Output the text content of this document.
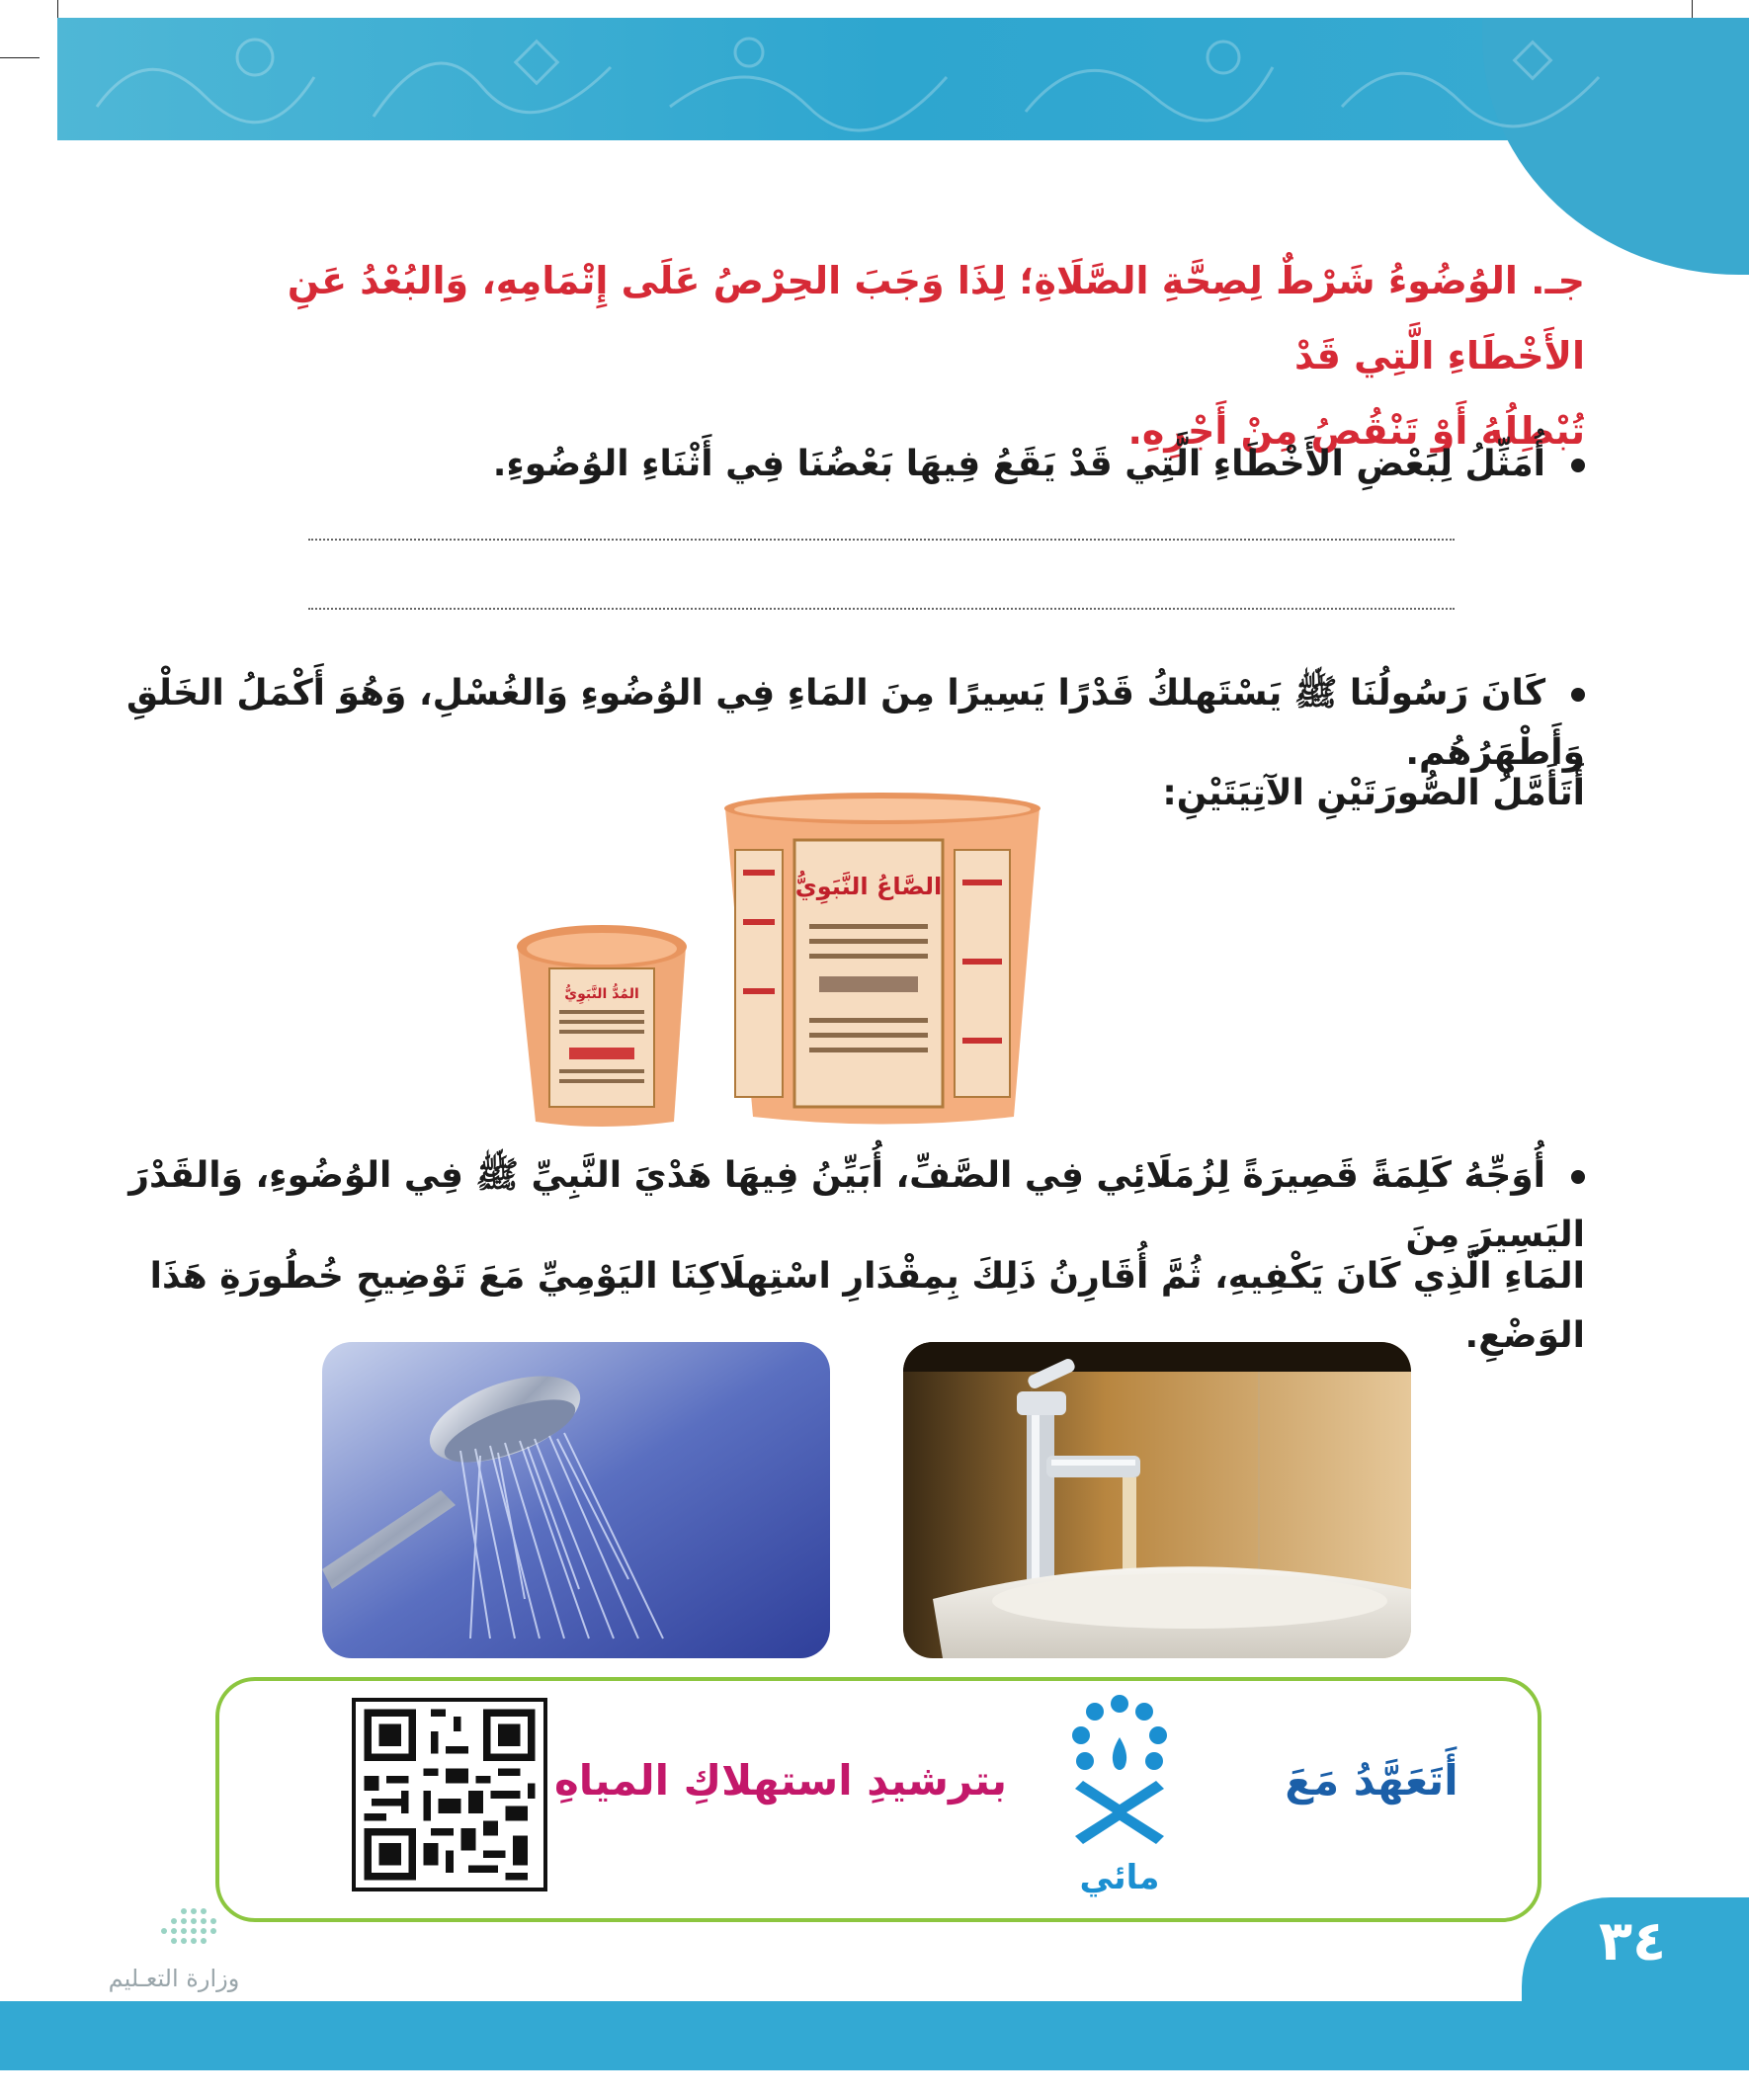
جـ. الوُضُوءُ شَرْطٌ لِصِحَّةِ الصَّلَاةِ؛ لِذَا وَجَبَ الحِرْصُ عَلَى إِتْمَامِهِ، وَالبُعْدُ عَنِ الأَخْطَاءِ الَّتِي قَدْ
تُبْطِلُهُ أَوْ تَنْقُصُ مِنْ أَجْرِهِ.
أُمَثِّلُ لِبَعْضِ الأَخْطَاءِ الَّتِي قَدْ يَقَعُ فِيهَا بَعْضُنَا فِي أَثْنَاءِ الوُضُوءِ.
كَانَ رَسُولُنَا ﷺ يَسْتَهلكُ قَدْرًا يَسِيرًا مِنَ المَاءِ فِي الوُضُوءِ وَالغُسْلِ، وَهُوَ أَكْمَلُ الخَلْقِ وَأَطْهَرُهُم.
أَتَأَمَّلُ الصُّورَتَيْنِ الآتِيَتَيْنِ:
المُدُّ النَّبَوِيُّ
الصَّاعُ النَّبَوِيُّ
أُوَجِّهُ كَلِمَةً قَصِيرَةً لِزُمَلَائِي فِي الصَّفِّ، أُبَيِّنُ فِيهَا هَدْيَ النَّبِيِّ ﷺ فِي الوُضُوءِ، وَالقَدْرَ اليَسِيرَ مِنَ
المَاءِ الَّذِي كَانَ يَكْفِيهِ، ثُمَّ أُقَارِنُ ذَلِكَ بِمِقْدَارِ اسْتِهلَاكِنَا اليَوْمِيِّ مَعَ تَوْضِيحِ خُطُورَةِ هَذَا الوَضْعِ.
أَتَعَهَّدُ مَعَ
بترشيدِ استهلاكِ المياهِ
مائي
٣٤
وزارة التعـليم
